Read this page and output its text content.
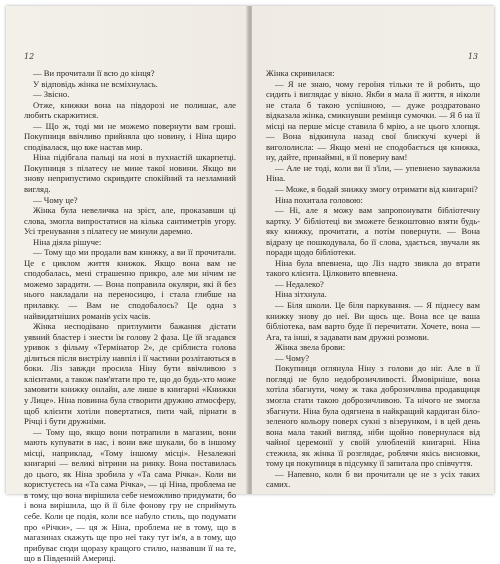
12

— Ви прочитали її всю до кінця?

У відповідь жінка не всміхнулась.

— Звісно.

Отже, книжки вона на півдорозі не полишає, але любить скаржитися.

— Що ж, тоді ми не можемо повернути вам гроші. Покупниця ввічливо прийняла цю новину, і Ніна щиро сподівалася, що вже настав мир.

Ніна підібгала пальці на нозі в пухнастій шкарпетці. Покупниця з пілатесу не мине такої новини. Якщо ви знову неприпустимо скривдите спокійний та незламний вигляд.

— Чому це?

Жінка була невеличка на зріст, але, проказавши ці слова, змогла випростатися на кілька сантиметрів угору. Усі тренування з пілатесу не минули даремно.

Ніна діяла рішуче:

— Тому що ми продали вам книжку, а ви її прочитали. Це є циклом життя книжок. Якщо вона вам не сподобалась, мені страшенно прикро, але ми нічим не можемо зарадити. — Вона поправила окуляри, які й без нього накладали на переносицю, і стала глибше на прилавку. — Вам не сподобалось? Це одна з найвидатніших романів усіх часів.

Жінка несподівано притлумити бажання дістати уявний бластер і знести їм голову 2 фаза. Це їй згадався уривок з фільму «Термінатор 2», де сріблиста голова ділиться після вистрілу навпіл і її частини розлітаються в боки. Ліз завжди просила Ніну бути ввічливою з клієнтами, а також пам'ятати про те, що до будь-хто може замовити книжку онлайн, але лише в книгарні «Книжки у Лице». Ніна повинна була створити дружню атмосферу, щоб клієнти хотіли повертатися, пити чай, пірнати в Річці і бути дружніми.

— Тому що, якщо вони потрапили в магазин, вони мають купувати в нас, і вони вже шукали, бо в іншому місці, наприклад, «Тому іншому місці». Незалежні книгарні — великі вітрини на ринку. Вона поставилась до цього, як Ніна зробила у «Та сама Річка». Коли ви користуєтесь на «Та сама Річка», — ці Ніна, проблема не в тому, що вона вирішила себе неможливо придумати, бо і вона вирішила, що й її біле фонову гру не сприймуть себе. Коли це подія, коли все набуло стиль, що подумати про «Річки», — ця ж Ніна, проблема не в тому, що в магазинах скажуть ще про неї таку тут ім'я, а в тому, що прибуває сюди щоразу кращого стилю, назвавши її на те, що в Південній Америці.

13

Жінка скривилася:

— Я не знаю, чому героїня тільки те й робить, що сидить і виглядає у вікно. Якби я мала її життя, я ніколи не стала б такою успішною, — дуже роздратовано відказала жінка, смикнувши ремінця сумочки. — Я б на її місці на перше місце ставила б мрію, а не цього хлопця. — Вона відкинула назад свої блискучі кучері й вигололисла: — Якщо мені не сподобається ця книжка, ну, дайте, принаймні, я її поверну вам!

— Але не тоді, коли ви її з'їли, — упевнено зауважила Ніна.

— Може, я бодай знижку змогу отримати від книгарні?

Ніна похитала головою:

— Ні, але я можу вам запропонувати бібліотечну картку. У бібліотеці ви зможете безкоштовно взяти будь-яку книжку, прочитати, а потім повернути. — Вона відразу це пошкодувала, бо її слова, здається, звучали як поради щодо бібліотеки.

Ніна була впевнена, що Ліз надто звикла до втрати такого клієнта. Цілковито впевнена.

— Недалеко?

Ніна зітхнула.

— Біля школи. Це біля паркування. — Я піднесу вам книжку знову до неї. Ви щось ще. Вона все це ваша бібліотека, вам варто буде її перечитати. Хочете, вона — Ага, та інші, я задавати вам дружні розмови.

Жінка звела брови:

— Чому?

Покупниця оглянула Ніну з голови до ніг. Але в її погляді не було недоброзичливості. Ймовірніше, вона хотіла збагнути, чому ж така доброзичлива продавщиця змогла стати такою доброзичливою. Та нічого не змогла збагнути. Ніна була одягнена в найкращий кардиган біло-зеленого кольору поверх сукні з візерунком, і в цей день вона мала такий вигляд, ніби щойно повернулася від чайної церемонії у своїй улюбленій книгарні. Ніна стежила, як жінка її розглядає, роблячи якісь висновки, тому ця покупниця в підсумку її запитала про співчуття.

— Напевно, коли б ви прочитали це не з усіх таких самих.
